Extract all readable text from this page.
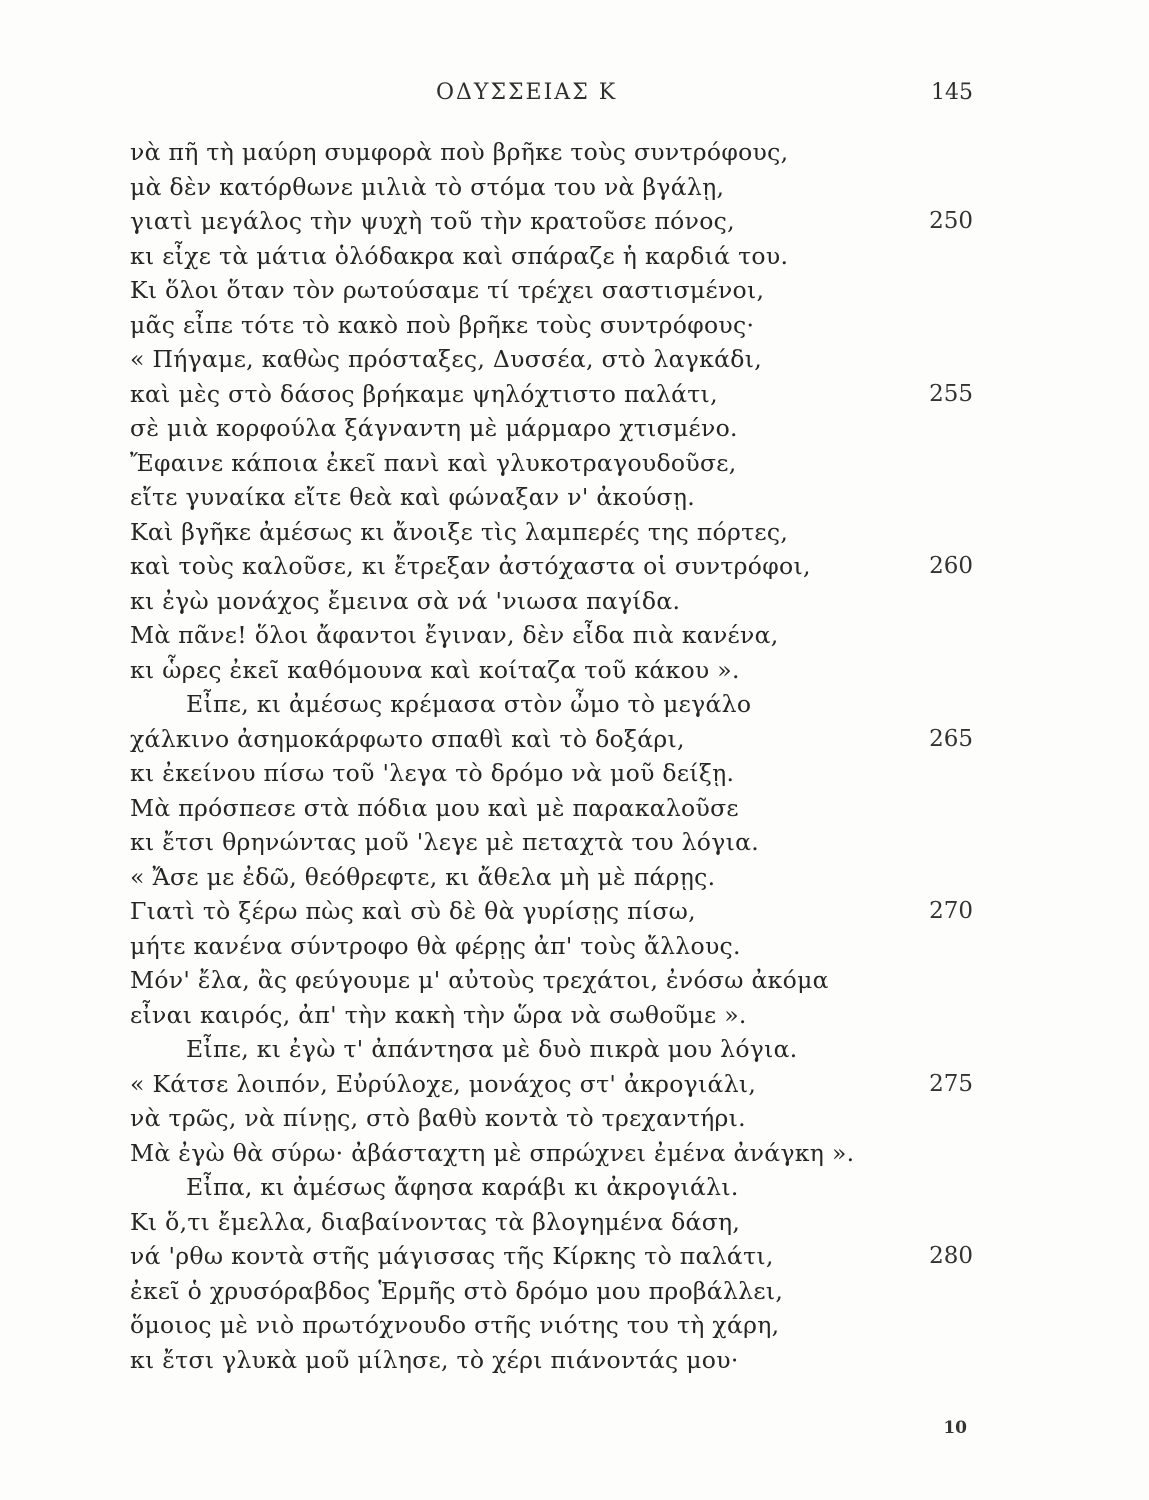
ΟΔΥΣΣΕΙΑΣ Κ	145
νὰ πῆ τὴ μαύρη συμφορὰ ποὺ βρῆκε τοὺς συντρόφους,
μὰ δὲν κατόρθωνε μιλιὰ τὸ στόμα του νὰ βγάλῃ,
γιατὶ μεγάλος τὴν ψυχὴ τοῦ τὴν κρατοῦσε πόνος,	250
κι εἶχε τὰ μάτια ὁλόδακρα καὶ σπάραζε ἡ καρδιά του.
Κι ὅλοι ὅταν τὸν ρωτούσαμε τί τρέχει σαστισμένοι,
μᾶς εἶπε τότε τὸ κακὸ ποὺ βρῆκε τοὺς συντρόφους·
« Πήγαμε, καθὼς πρόσταξες, Δυσσέα, στὸ λαγκάδι,
καὶ μὲς στὸ δάσος βρήκαμε ψηλόχτιστο παλάτι,	255
σὲ μιὰ κορφούλα ξάγναντη μὲ μάρμαρο χτισμένο.
Ἔφαινε κάποια ἐκεῖ πανὶ καὶ γλυκοτραγουδοῦσε,
εἴτε γυναίκα εἴτε θεὰ καὶ φώναξαν ν' ἀκούσῃ.
Καὶ βγῆκε ἀμέσως κι ἄνοιξε τὶς λαμπερές της πόρτες,
καὶ τοὺς καλοῦσε, κι ἔτρεξαν ἀστόχαστα οἱ συντρόφοι,	260
κι ἐγὼ μονάχος ἔμεινα σὰ νά 'νιωσα παγίδα.
Μὰ πᾶνε! ὅλοι ἄφαντοι ἔγιναν, δὲν εἶδα πιὰ κανένα,
κι ὧρες ἐκεῖ καθόμουνα καὶ κοίταζα τοῦ κάκου ».
Εἶπε, κι ἀμέσως κρέμασα στὸν ὦμο τὸ μεγάλο
χάλκινο ἀσημοκάρφωτο σπαθὶ καὶ τὸ δοξάρι,	265
κι ἐκείνου πίσω τοῦ 'λεγα τὸ δρόμο νὰ μοῦ δείξῃ.
Μὰ πρόσπεσε στὰ πόδια μου καὶ μὲ παρακαλοῦσε
κι ἔτσι θρηνώντας μοῦ 'λεγε μὲ πεταχτὰ του λόγια.
« Ἄσε με ἐδῶ, θεόθρεφτε, κι ἄθελα μὴ μὲ πάρῃς.
Γιατὶ τὸ ξέρω πὼς καὶ σὺ δὲ θὰ γυρίσῃς πίσω,	270
μήτε κανένα σύντροφο θὰ φέρῃς ἀπ' τοὺς ἄλλους.
Μόν' ἔλα, ἂς φεύγουμε μ' αὐτοὺς τρεχάτοι, ἐνόσω ἀκόμα
εἶναι καιρός, ἀπ' τὴν κακὴ τὴν ὥρα νὰ σωθοῦμε ».
Εἶπε, κι ἐγὼ τ' ἀπάντησα μὲ δυὸ πικρὰ μου λόγια.
« Κάτσε λοιπόν, Εὐρύλοχε, μονάχος στ' ἀκρογιάλι,	275
νὰ τρῶς, νὰ πίνῃς, στὸ βαθὺ κοντὰ τὸ τρεχαντήρι.
Μὰ ἐγὼ θὰ σύρω· ἀβάσταχτη μὲ σπρώχνει ἐμένα ἀνάγκη ».
Εἶπα, κι ἀμέσως ἄφησα καράβι κι ἀκρογιάλι.
Κι ὅ,τι ἔμελλα, διαβαίνοντας τὰ βλογημένα δάση,
νά 'ρθω κοντὰ στῆς μάγισσας τῆς Κίρκης τὸ παλάτι,	280
ἐκεῖ ὁ χρυσόραβδος Ἑρμῆς στὸ δρόμο μου προβάλλει,
ὅμοιος μὲ νιὸ πρωτόχνουδο στῆς νιότης του τὴ χάρη,
κι ἔτσι γλυκὰ μοῦ μίλησε, τὸ χέρι πιάνοντάς μου·
10
